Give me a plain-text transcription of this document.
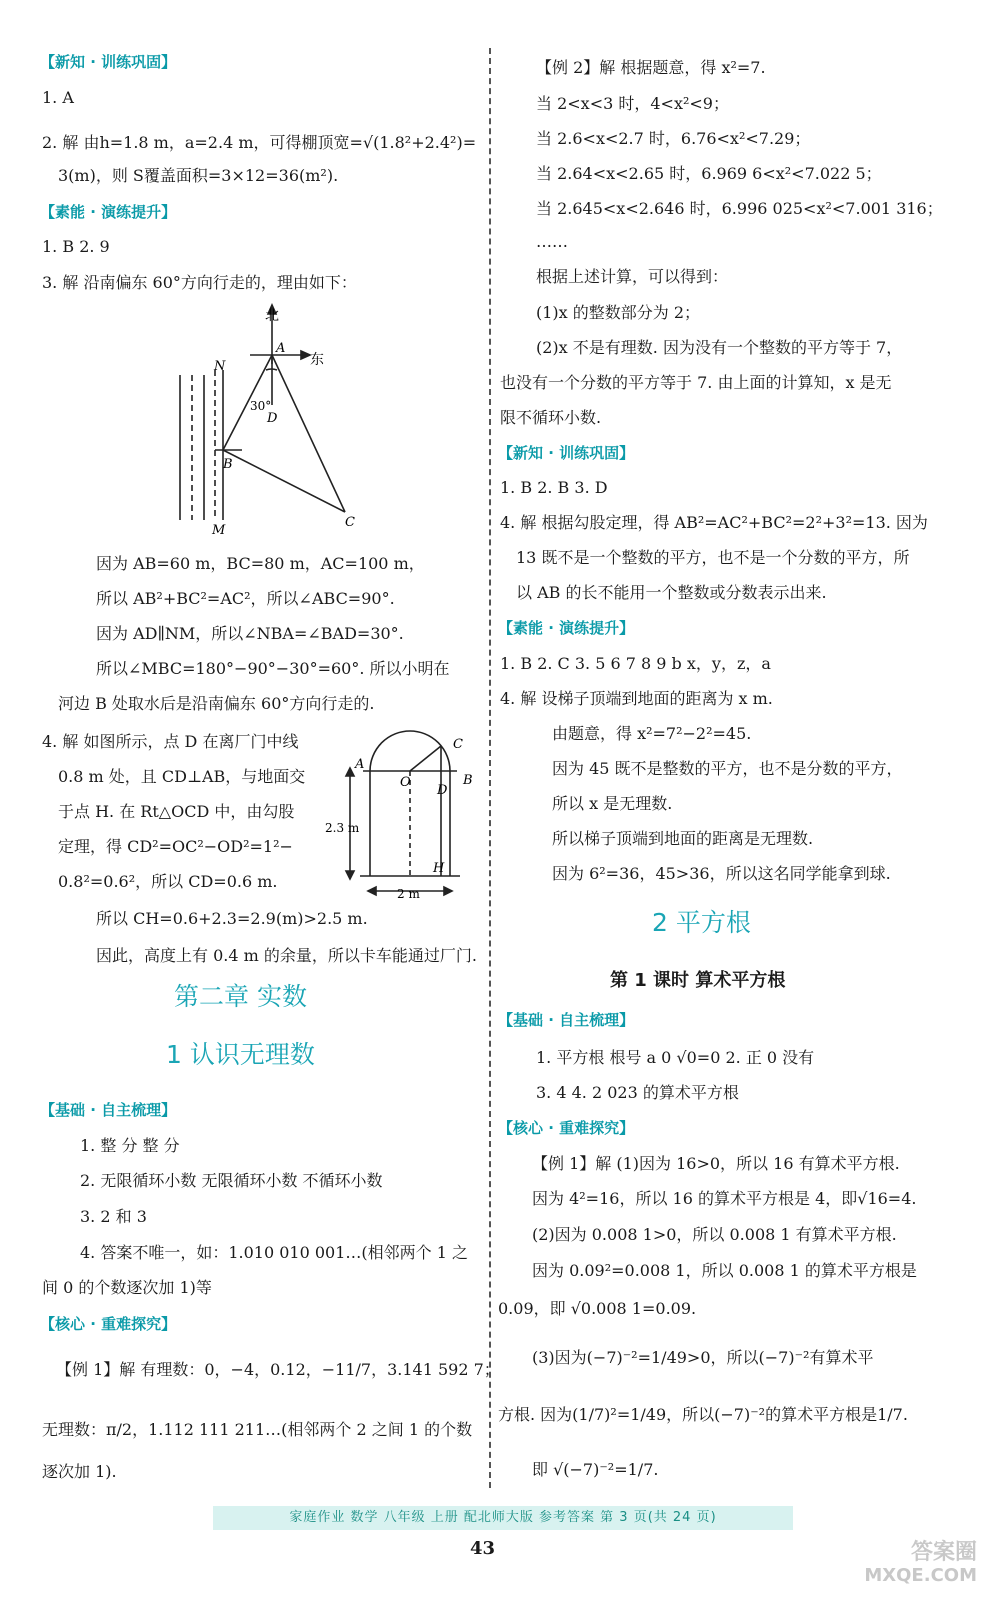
【新知 · 训练巩固】
1. A
2. 解 由h=1.8 m，a=2.4 m，可得棚顶宽=√(1.8²+2.4²)=
3(m)，则 S覆盖面积=3×12=36(m²).
【素能 · 演练提升】
1. B 2. 9
3. 解 沿南偏东 60°方向行走的，理由如下：
北
东
A
N
30°
D
B
M
C
因为 AB=60 m，BC=80 m，AC=100 m，
所以 AB²+BC²=AC²，所以∠ABC=90°.
因为 AD∥NM，所以∠NBA=∠BAD=30°.
所以∠MBC=180°−90°−30°=60°. 所以小明在
河边 B 处取水后是沿南偏东 60°方向行走的.
4. 解 如图所示，点 D 在离厂门中线
0.8 m 处，且 CD⊥AB，与地面交
于点 H. 在 Rt△OCD 中，由勾股
定理，得 CD²=OC²−OD²=1²−
0.8²=0.6²，所以 CD=0.6 m.
所以 CH=0.6+2.3=2.9(m)>2.5 m.
因此，高度上有 0.4 m 的余量，所以卡车能通过厂门.
A
O
C
B
D
H
2.3 m
2 m
第二章 实数
1 认识无理数
【基础 · 自主梳理】
1. 整 分 整 分
2. 无限循环小数 无限循环小数 不循环小数
3. 2 和 3
4. 答案不唯一，如：1.010 010 001…(相邻两个 1 之
间 0 的个数逐次加 1)等
【核心 · 重难探究】
【例 1】解 有理数：0，−4，0.12，−11/7，3.141 592 7；
无理数：π/2，1.112 111 211…(相邻两个 2 之间 1 的个数
逐次加 1).
【例 2】解 根据题意，得 x²=7.
当 2<x<3 时，4<x²<9；
当 2.6<x<2.7 时，6.76<x²<7.29；
当 2.64<x<2.65 时，6.969 6<x²<7.022 5；
当 2.645<x<2.646 时，6.996 025<x²<7.001 316；
……
根据上述计算，可以得到：
(1)x 的整数部分为 2；
(2)x 不是有理数. 因为没有一个整数的平方等于 7，
也没有一个分数的平方等于 7. 由上面的计算知，x 是无
限不循环小数.
【新知 · 训练巩固】
1. B 2. B 3. D
4. 解 根据勾股定理，得 AB²=AC²+BC²=2²+3²=13. 因为
13 既不是一个整数的平方，也不是一个分数的平方，所
以 AB 的长不能用一个整数或分数表示出来.
【素能 · 演练提升】
1. B 2. C 3. 5 6 7 8 9 b x，y，z，a
4. 解 设梯子顶端到地面的距离为 x m.
由题意，得 x²=7²−2²=45.
因为 45 既不是整数的平方，也不是分数的平方，
所以 x 是无理数.
所以梯子顶端到地面的距离是无理数.
因为 6²=36，45>36，所以这名同学能拿到球.
2 平方根
第 1 课时 算术平方根
【基础 · 自主梳理】
1. 平方根 根号 a 0 √0=0 2. 正 0 没有
3. 4 4. 2 023 的算术平方根
【核心 · 重难探究】
【例 1】解 (1)因为 16>0，所以 16 有算术平方根.
因为 4²=16，所以 16 的算术平方根是 4，即√16=4.
(2)因为 0.008 1>0，所以 0.008 1 有算术平方根.
因为 0.09²=0.008 1，所以 0.008 1 的算术平方根是
0.09，即 √0.008 1=0.09.
(3)因为(−7)⁻²=1/49>0，所以(−7)⁻²有算术平
方根. 因为(1/7)²=1/49，所以(−7)⁻²的算术平方根是1/7.
即 √(−7)⁻²=1/7.
家庭作业 数学 八年级 上册 配北师大版 参考答案 第 3 页(共 24 页)
43	答案圈
MXQE.COM
